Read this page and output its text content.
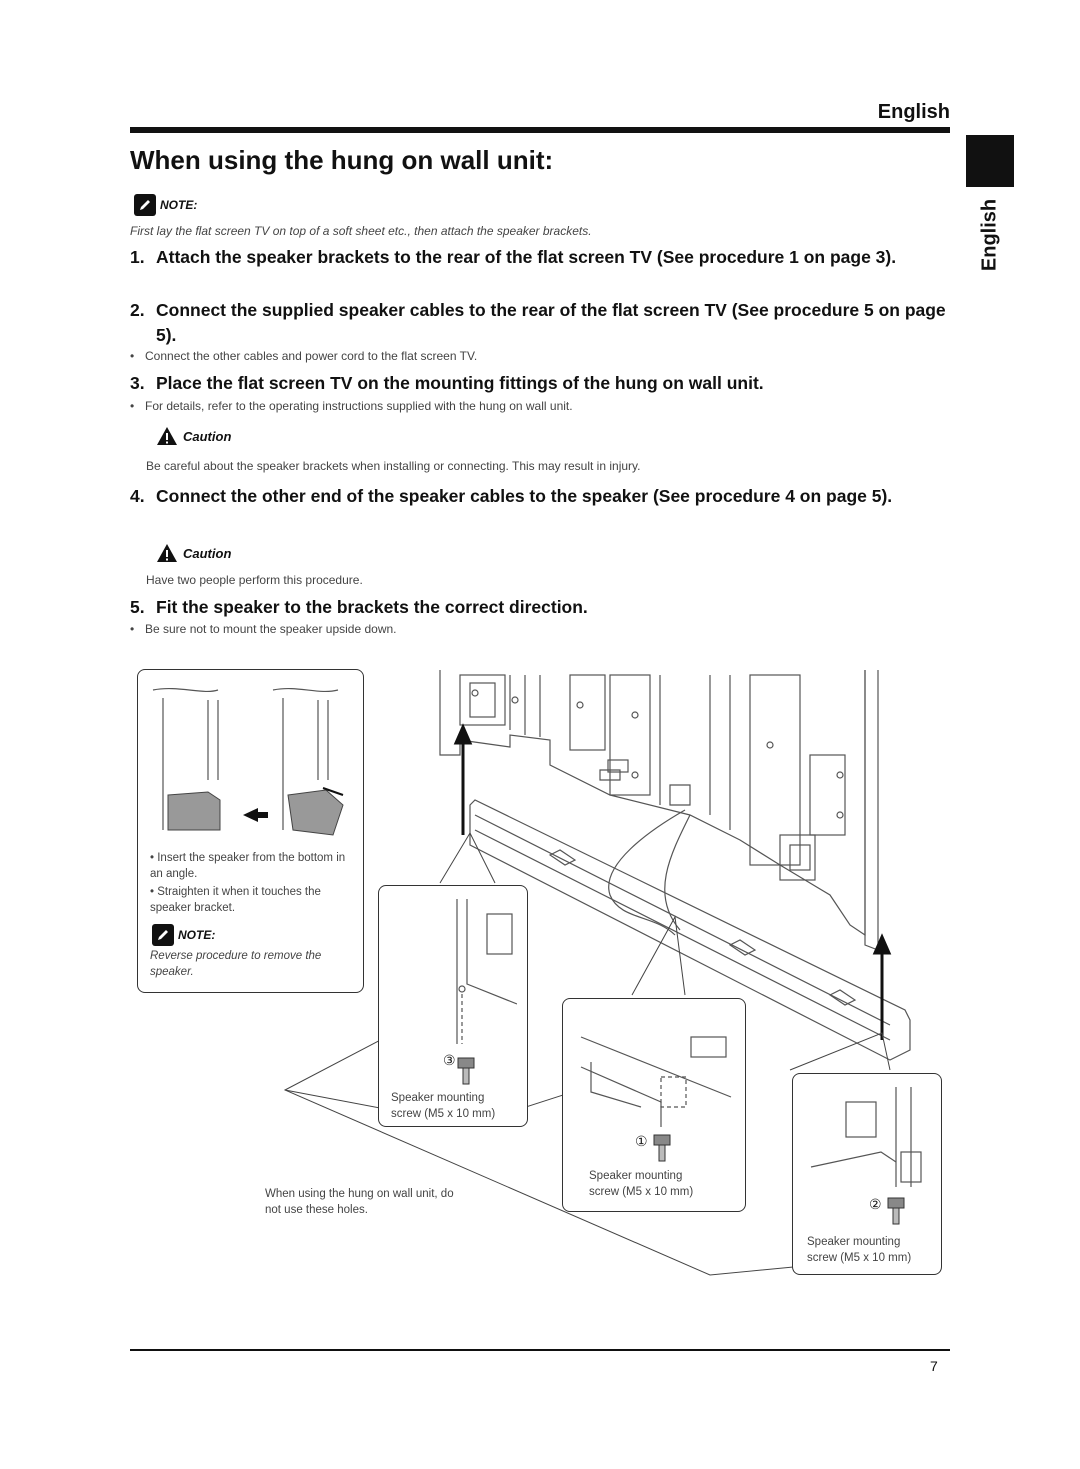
English
English
When using the hung on wall unit:
NOTE:
First lay the flat screen TV on top of a soft sheet etc., then attach the speaker brackets.
1. Attach the speaker brackets to the rear of the flat screen TV (See procedure 1 on page 3).
2. Connect the supplied speaker cables to the rear of the flat screen TV (See procedure 5 on page 5).
• Connect the other cables and power cord to the flat screen TV.
3. Place the flat screen TV on the mounting fittings of the hung on wall unit.
• For details, refer to the operating instructions supplied with the hung on wall unit.
Caution
Be careful about the speaker brackets when installing or connecting. This may result in injury.
4. Connect the other end of the speaker cables to the speaker (See procedure 4 on page 5).
Caution
Have two people perform this procedure.
5. Fit the speaker to the brackets the correct direction.
• Be sure not to mount the speaker upside down.
• Insert the speaker from the bottom in an angle.
• Straighten it when it touches the speaker bracket.
NOTE:
Reverse procedure to remove the speaker.
③
Speaker mounting
screw (M5 x 10 mm)
①
Speaker mounting
screw (M5 x 10 mm)
②
Speaker mounting
screw (M5 x 10 mm)
When using the hung on wall unit, do not use these holes.
7
